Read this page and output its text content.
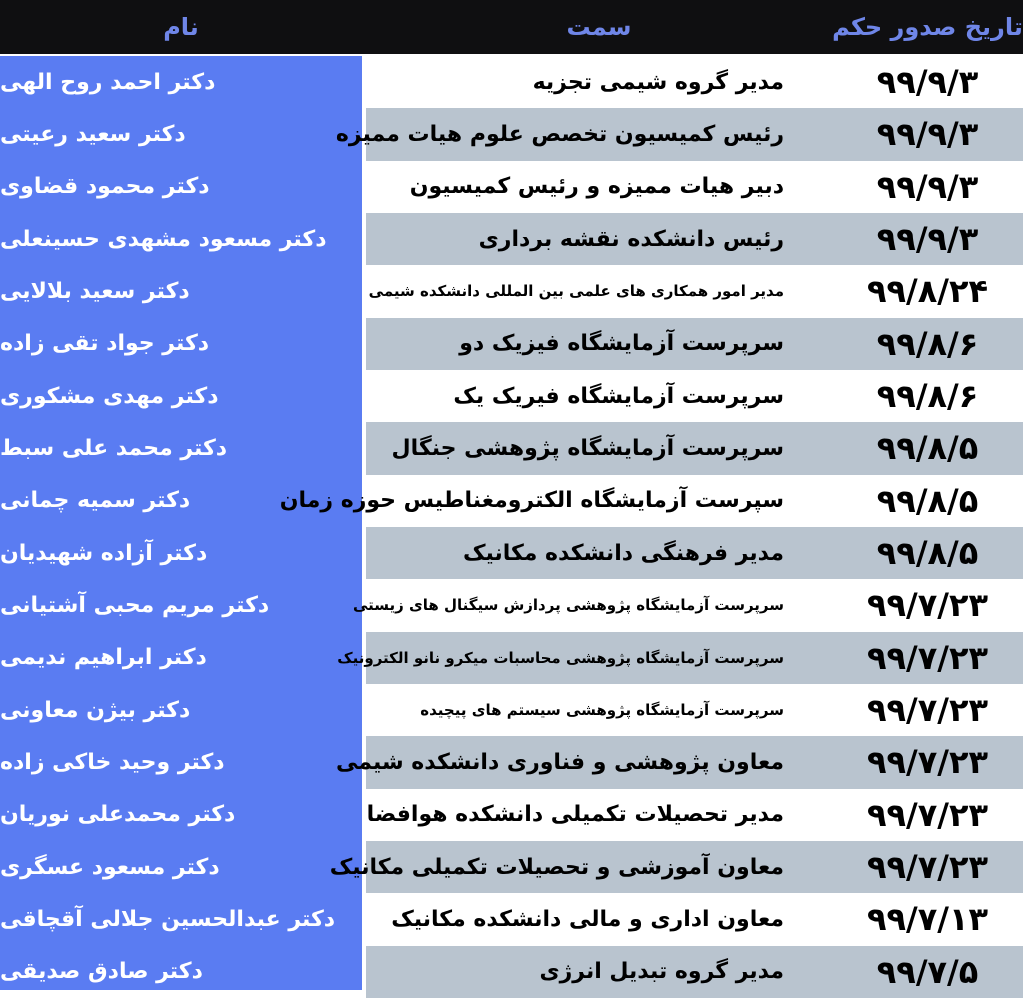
نام	سمت	تاریخ صدور حکم
دکتر احمد روح الهی	مدیر گروه شیمی تجزیه	۹۹/۹/۳
دکتر سعید رعیتی	رئیس کمیسیون تخصص علوم هیات ممیزه	۹۹/۹/۳
دکتر محمود قضاوی	دبیر هیات ممیزه و رئیس کمیسیون	۹۹/۹/۳
دکتر مسعود مشهدی حسینعلی	رئیس دانشکده نقشه برداری	۹۹/۹/۳
دکتر سعید بلالایی	مدیر امور همکاری های علمی بین المللی دانشکده شیمی	۹۹/۸/۲۴
دکتر جواد تقی زاده	سرپرست آزمایشگاه فیزیک دو	۹۹/۸/۶
دکتر مهدی مشکوری	سرپرست آزمایشگاه فیریک یک	۹۹/۸/۶
دکتر محمد علی سبط	سرپرست آزمایشگاه پژوهشی جنگال	۹۹/۸/۵
دکتر سمیه چمانی	سپرست آزمایشگاه الکترومغناطیس حوزه زمان	۹۹/۸/۵
دکتر آزاده شهیدیان	مدیر فرهنگی دانشکده مکانیک	۹۹/۸/۵
دکتر مریم محبی آشتیانی	سرپرست آزمایشگاه پژوهشی پردازش سیگنال های زیستی	۹۹/۷/۲۳
دکتر ابراهیم ندیمی	سرپرست آزمایشگاه پژوهشی محاسبات میکرو نانو الکترونیک	۹۹/۷/۲۳
دکتر بیژن معاونی	سرپرست آزمایشگاه پژوهشی سیستم های پیچیده	۹۹/۷/۲۳
دکتر وحید خاکی زاده	معاون پژوهشی و فناوری دانشکده شیمی	۹۹/۷/۲۳
دکتر محمدعلی نوریان	مدیر تحصیلات تکمیلی دانشکده هوافضا	۹۹/۷/۲۳
دکتر مسعود عسگری	معاون آموزشی و تحصیلات تکمیلی مکانیک	۹۹/۷/۲۳
دکتر عبدالحسین جلالی آقچاقی	معاون اداری و مالی دانشکده مکانیک	۹۹/۷/۱۳
دکتر صادق صدیقی	مدیر گروه تبدیل انرژی	۹۹/۷/۵
